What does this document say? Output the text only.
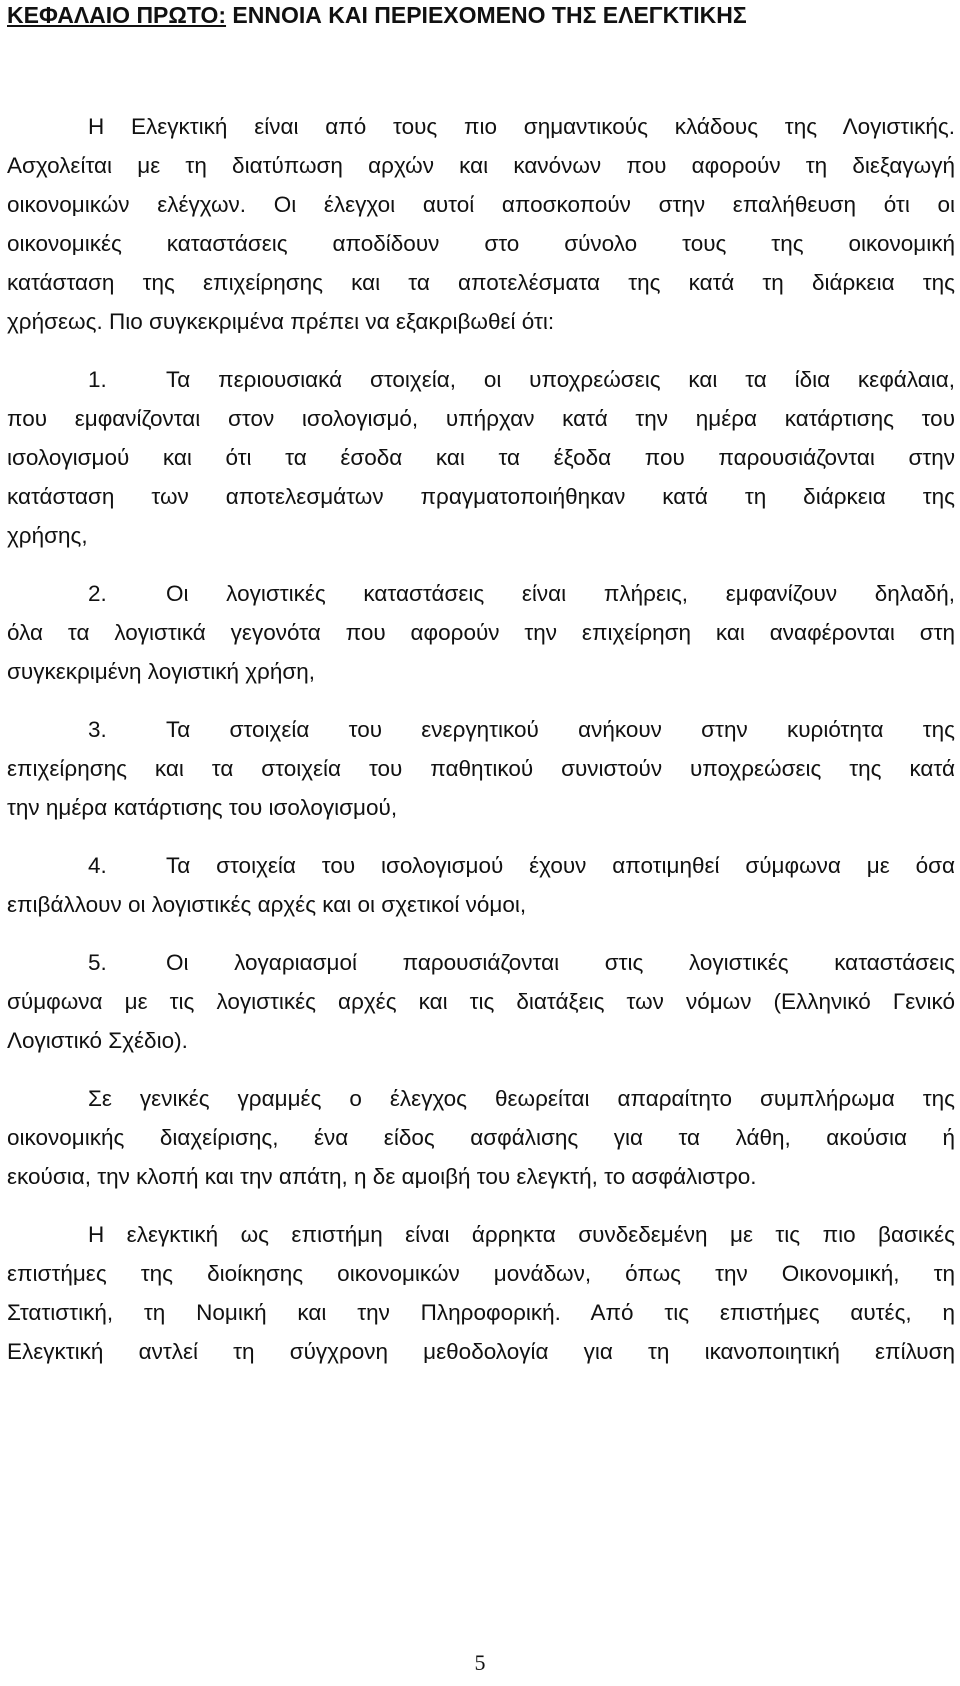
ΚΕΦΑΛΑΙΟ ΠΡΩΤΟ: ΕΝΝΟΙΑ ΚΑΙ ΠΕΡΙΕΧΟΜΕΝΟ ΤΗΣ ΕΛΕΓΚΤΙΚΗΣ
Η Ελεγκτική είναι από τους πιο σημαντικούς κλάδους της Λογιστικής.
Ασχολείται με τη διατύπωση αρχών και κανόνων που αφορούν τη διεξαγωγή
οικονομικών ελέγχων. Οι έλεγχοι αυτοί αποσκοπούν στην επαλήθευση ότι οι
οικονομικές καταστάσεις αποδίδουν στο σύνολο τους της οικονομική
κατάσταση της επιχείρησης και τα αποτελέσματα της κατά τη διάρκεια της
χρήσεως. Πιο συγκεκριμένα πρέπει να εξακριβωθεί ότι:
1.	Τα περιουσιακά στοιχεία, οι υποχρεώσεις και τα ίδια κεφάλαια,
που εμφανίζονται στον ισολογισμό, υπήρχαν κατά την ημέρα κατάρτισης του
ισολογισμού και ότι τα έσοδα και τα έξοδα που παρουσιάζονται στην
κατάσταση των αποτελεσμάτων πραγματοποιήθηκαν κατά τη διάρκεια της
χρήσης,
2.	Οι λογιστικές καταστάσεις είναι πλήρεις, εμφανίζουν δηλαδή,
όλα τα λογιστικά γεγονότα που αφορούν την επιχείρηση και αναφέρονται στη
συγκεκριμένη λογιστική χρήση,
3.	Τα στοιχεία του ενεργητικού ανήκουν στην κυριότητα της
επιχείρησης και τα στοιχεία του παθητικού συνιστούν υποχρεώσεις της κατά
την ημέρα κατάρτισης του ισολογισμού,
4.	Τα στοιχεία του ισολογισμού έχουν αποτιμηθεί σύμφωνα με όσα
επιβάλλουν οι λογιστικές αρχές και οι σχετικοί νόμοι,
5.	Οι λογαριασμοί παρουσιάζονται στις λογιστικές καταστάσεις
σύμφωνα με τις λογιστικές αρχές και τις διατάξεις των νόμων (Ελληνικό Γενικό
Λογιστικό Σχέδιο).
Σε γενικές γραμμές ο έλεγχος θεωρείται απαραίτητο συμπλήρωμα της
οικονομικής διαχείρισης, ένα είδος ασφάλισης για τα λάθη, ακούσια ή
εκούσια, την κλοπή και την απάτη, η δε αμοιβή του ελεγκτή, το ασφάλιστρο.
Η ελεγκτική ως επιστήμη είναι άρρηκτα συνδεδεμένη με τις πιο βασικές
επιστήμες της διοίκησης οικονομικών μονάδων, όπως την Οικονομική, τη
Στατιστική, τη Νομική και την Πληροφορική. Από τις επιστήμες αυτές, η
Ελεγκτική αντλεί τη σύγχρονη μεθοδολογία για τη ικανοποιητική επίλυση
5
